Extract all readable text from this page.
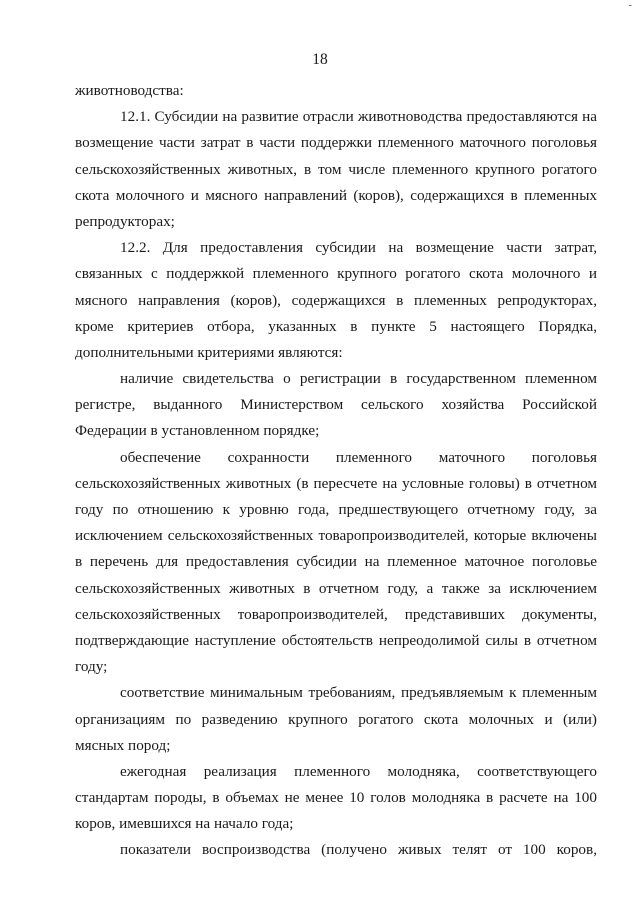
-
18
животноводства:
12.1. Субсидии на развитие отрасли животноводства предоставляются на
возмещение части затрат в части поддержки племенного маточного поголовья
сельскохозяйственных животных, в том числе племенного крупного рогатого
скота молочного и мясного направлений (коров), содержащихся в племенных
репродукторах;
12.2. Для предоставления субсидии на возмещение части затрат,
связанных с поддержкой племенного крупного рогатого скота молочного и
мясного направления (коров), содержащихся в племенных репродукторах,
кроме критериев отбора, указанных в пункте 5 настоящего Порядка,
дополнительными критериями являются:
наличие свидетельства о регистрации в государственном племенном
регистре, выданного Министерством сельского хозяйства Российской
Федерации в установленном порядке;
обеспечение сохранности племенного маточного поголовья
сельскохозяйственных животных (в пересчете на условные головы) в отчетном
году по отношению к уровню года, предшествующего отчетному году, за
исключением сельскохозяйственных товаропроизводителей, которые включены
в перечень для предоставления субсидии на племенное маточное поголовье
сельскохозяйственных животных в отчетном году, а также за исключением
сельскохозяйственных товаропроизводителей, представивших документы,
подтверждающие наступление обстоятельств непреодолимой силы в отчетном
году;
соответствие минимальным требованиям, предъявляемым к племенным
организациям по разведению крупного рогатого скота молочных и (или)
мясных пород;
ежегодная реализация племенного молодняка, соответствующего
стандартам породы, в объемах не менее 10 голов молодняка в расчете на 100
коров, имевшихся на начало года;
показатели воспроизводства (получено живых телят от 100 коров,
